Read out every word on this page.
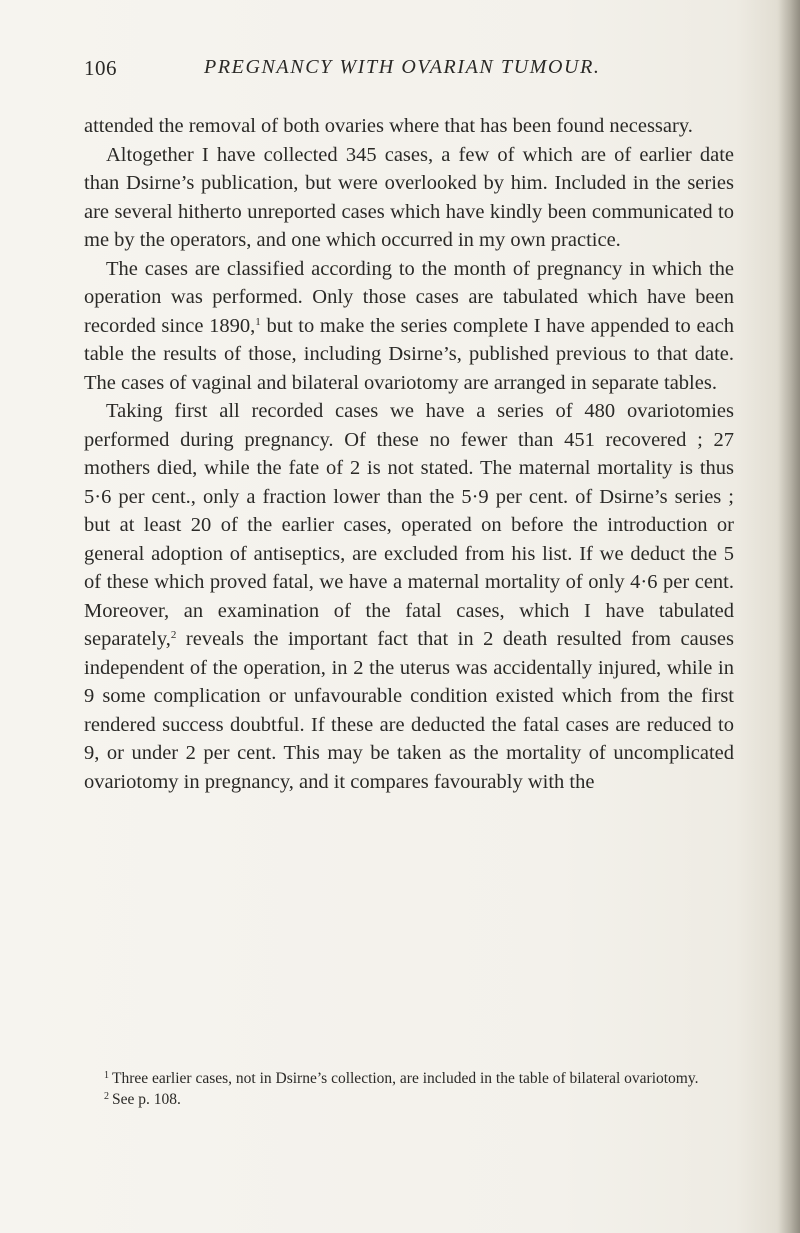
106	PREGNANCY WITH OVARIAN TUMOUR.

attended the removal of both ovaries where that has been found necessary.

Altogether I have collected 345 cases, a few of which are of earlier date than Dsirne’s publication, but were overlooked by him. Included in the series are several hitherto unreported cases which have kindly been communicated to me by the operators, and one which occurred in my own practice.

The cases are classified according to the month of pregnancy in which the operation was performed. Only those cases are tabulated which have been recorded since 1890,$^1$ but to make the series complete I have appended to each table the results of those, including Dsirne’s, published previous to that date. The cases of vaginal and bilateral ovariotomy are arranged in separate tables.

Taking first all recorded cases we have a series of 480 ovariotomies performed during pregnancy. Of these no fewer than 451 recovered ; 27 mothers died, while the fate of 2 is not stated. The maternal mortality is thus 5·6 per cent., only a fraction lower than the 5·9 per cent. of Dsirne’s series ; but at least 20 of the earlier cases, operated on before the introduction or general adoption of antiseptics, are excluded from his list. If we deduct the 5 of these which proved fatal, we have a maternal mortality of only 4·6 per cent. Moreover, an examination of the fatal cases, which I have tabulated separately,$^2$ reveals the important fact that in 2 death resulted from causes independent of the operation, in 2 the uterus was accidentally injured, while in 9 some complication or unfavourable condition existed which from the first rendered success doubtful. If these are deducted the fatal cases are reduced to 9, or under 2 per cent. This may be taken as the mortality of uncomplicated ovariotomy in pregnancy, and it compares favourably with the

$^1$ Three earlier cases, not in Dsirne’s collection, are included in the table of bilateral ovariotomy.

$^2$ See p. 108.
